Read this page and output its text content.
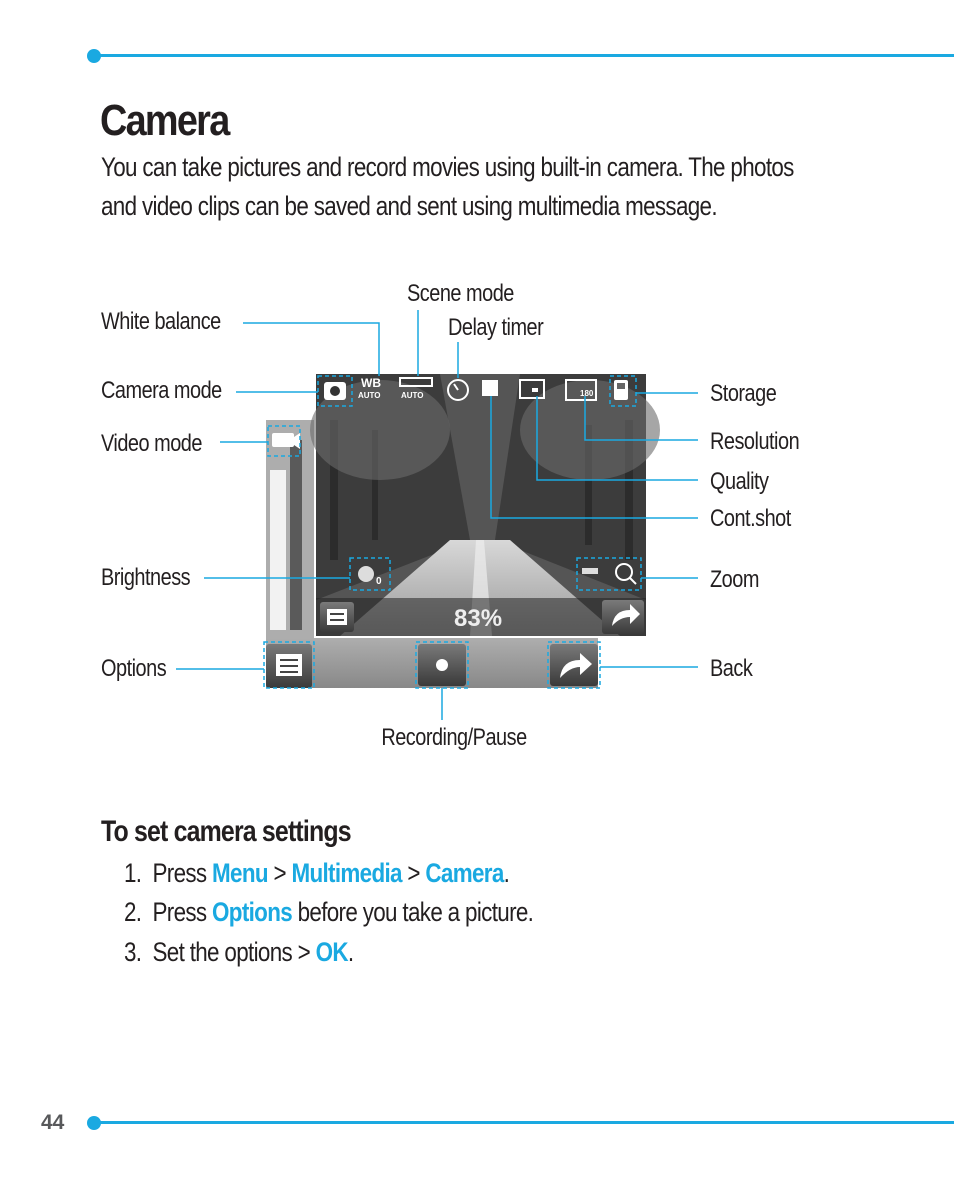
Camera
You can take pictures and record movies using built-in camera. The photos
and video clips can be saved and sent using multimedia message.
WB
AUTO	AUTO	180
0
83%
White balance
Scene mode
Delay timer
Camera mode
Video mode
Brightness
Options
Recording/Pause
Storage
Resolution
Quality
Cont.shot
Zoom
Back
To set camera settings
1. Press Menu > Multimedia > Camera.
2. Press Options before you take a picture.
3. Set the options > OK.
44
